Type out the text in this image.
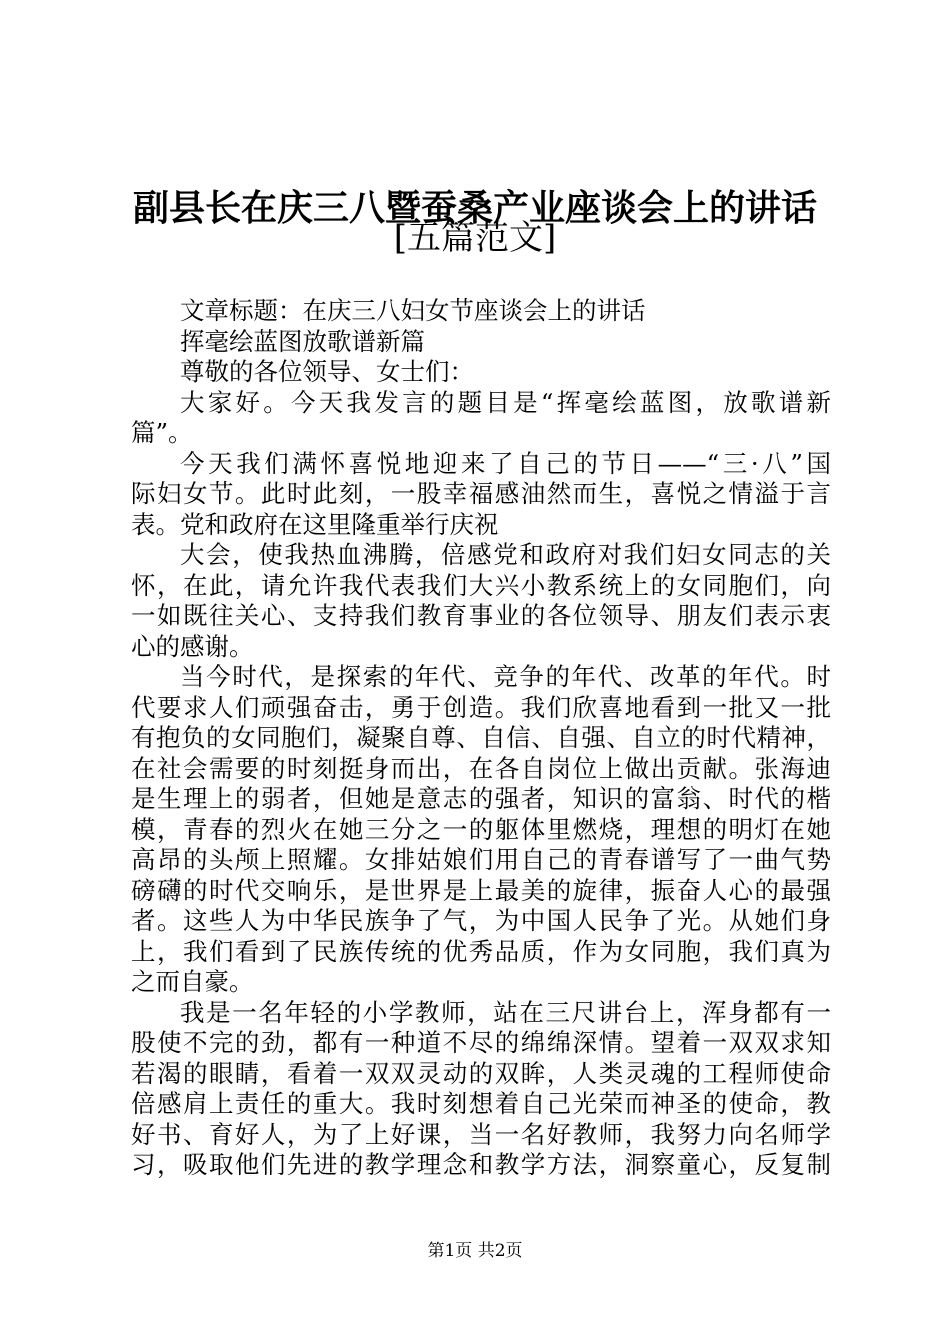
副县长在庆三八暨蚕桑产业座谈会上的讲话
[五篇范文]
文章标题：在庆三八妇女节座谈会上的讲话
挥毫绘蓝图放歌谱新篇
尊敬的各位领导、女士们：
大家好。今天我发言的题目是“挥毫绘蓝图，放歌谱新
篇”。
今天我们满怀喜悦地迎来了自己的节日——“三·八”国
际妇女节。此时此刻，一股幸福感油然而生，喜悦之情溢于言
表。党和政府在这里隆重举行庆祝
大会，使我热血沸腾，倍感党和政府对我们妇女同志的关
怀，在此，请允许我代表我们大兴小教系统上的女同胞们，向
一如既往关心、支持我们教育事业的各位领导、朋友们表示衷
心的感谢。
当今时代，是探索的年代、竞争的年代、改革的年代。时
代要求人们顽强奋击，勇于创造。我们欣喜地看到一批又一批
有抱负的女同胞们，凝聚自尊、自信、自强、自立的时代精神，
在社会需要的时刻挺身而出，在各自岗位上做出贡献。张海迪
是生理上的弱者，但她是意志的强者，知识的富翁、时代的楷
模，青春的烈火在她三分之一的躯体里燃烧，理想的明灯在她
高昂的头颅上照耀。女排姑娘们用自己的青春谱写了一曲气势
磅礴的时代交响乐，是世界是上最美的旋律，振奋人心的最强
者。这些人为中华民族争了气，为中国人民争了光。从她们身
上，我们看到了民族传统的优秀品质，作为女同胞，我们真为
之而自豪。
我是一名年轻的小学教师，站在三尺讲台上，浑身都有一
股使不完的劲，都有一种道不尽的绵绵深情。望着一双双求知
若渴的眼睛，看着一双双灵动的双眸，人类灵魂的工程师使命
倍感肩上责任的重大。我时刻想着自己光荣而神圣的使命，教
好书、育好人，为了上好课，当一名好教师，我努力向名师学
习，吸取他们先进的教学理念和教学方法，洞察童心，反复制
第1页 共2页
